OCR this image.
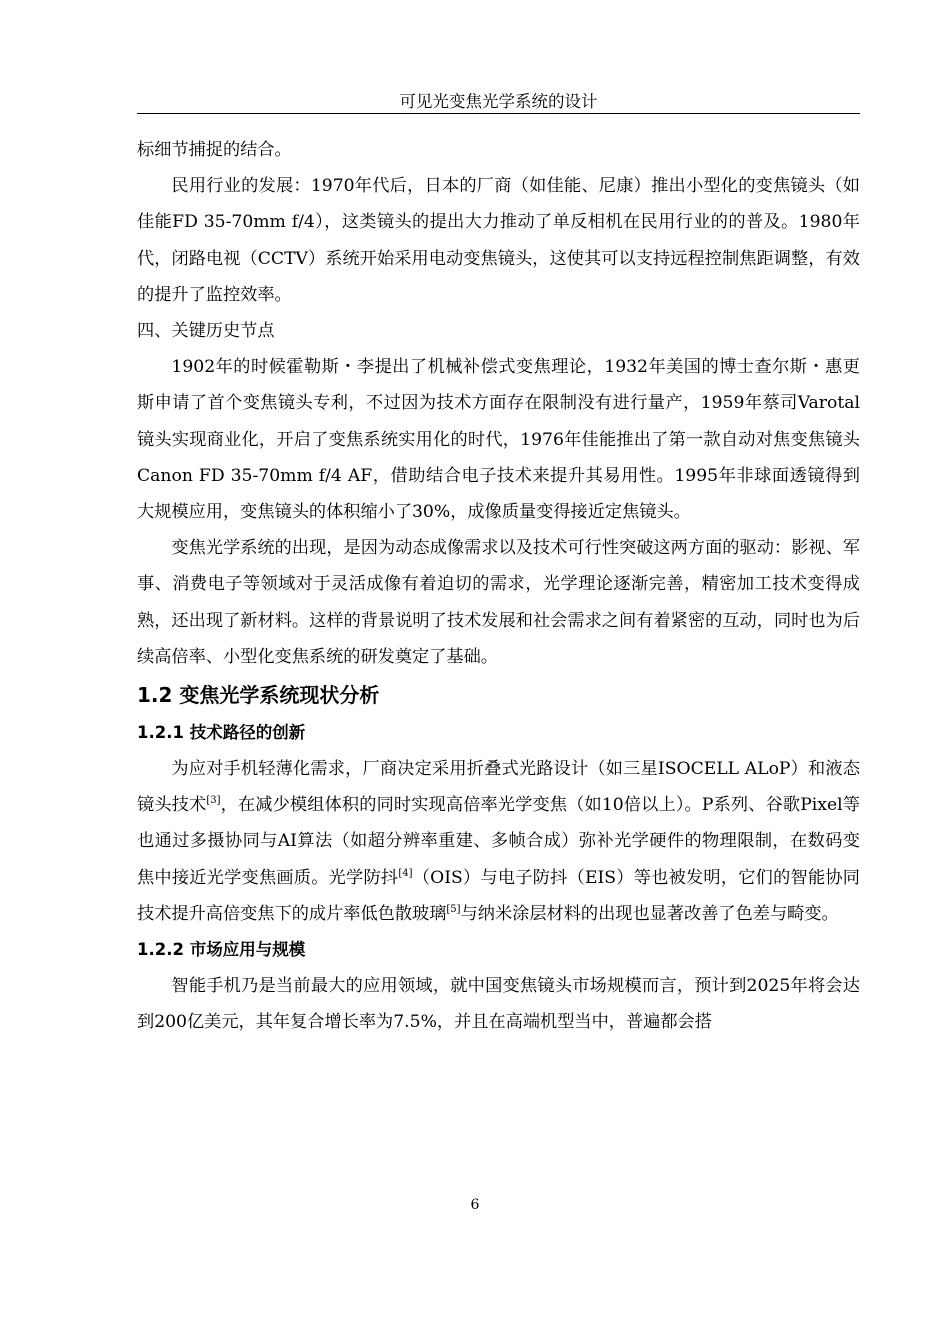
可见光变焦光学系统的设计

标细节捕捉的结合。

民用行业的发展：1970年代后，日本的厂商（如佳能、尼康）推出小型化的变焦镜头（如佳能FD 35-70mm f/4），这类镜头的提出大力推动了单反相机在民用行业的的普及。1980年代，闭路电视（CCTV）系统开始采用电动变焦镜头，这使其可以支持远程控制焦距调整，有效的提升了监控效率。

四、关键历史节点

1902年的时候霍勒斯・李提出了机械补偿式变焦理论，1932年美国的博士查尔斯・惠更斯申请了首个变焦镜头专利，不过因为技术方面存在限制没有进行量产，1959年蔡司Varotal镜头实现商业化，开启了变焦系统实用化的时代，1976年佳能推出了第一款自动对焦变焦镜头Canon FD 35-70mm f/4 AF，借助结合电子技术来提升其易用性。1995年非球面透镜得到大规模应用，变焦镜头的体积缩小了30%，成像质量变得接近定焦镜头。

变焦光学系统的出现，是因为动态成像需求以及技术可行性突破这两方面的驱动：影视、军事、消费电子等领域对于灵活成像有着迫切的需求，光学理论逐渐完善，精密加工技术变得成熟，还出现了新材料。这样的背景说明了技术发展和社会需求之间有着紧密的互动，同时也为后续高倍率、小型化变焦系统的研发奠定了基础。

1.2 变焦光学系统现状分析
1.2.1 技术路径的创新

为应对手机轻薄化需求，厂商决定采用折叠式光路设计（如三星ISOCELL ALoP）和液态镜头技术[3]，在减少模组体积的同时实现高倍率光学变焦（如10倍以上）。P系列、谷歌Pixel等也通过多摄协同与AI算法（如超分辨率重建、多帧合成）弥补光学硬件的物理限制，在数码变焦中接近光学变焦画质。光学防抖[4]（OIS）与电子防抖（EIS）等也被发明，它们的智能协同技术提升高倍变焦下的成片率低色散玻璃[5]与纳米涂层材料的出现也显著改善了色差与畸变。

1.2.2 市场应用与规模

智能手机乃是当前最大的应用领域，就中国变焦镜头市场规模而言，预计到2025年将会达到200亿美元，其年复合增长率为7.5%，并且在高端机型当中，普遍都会搭

6
